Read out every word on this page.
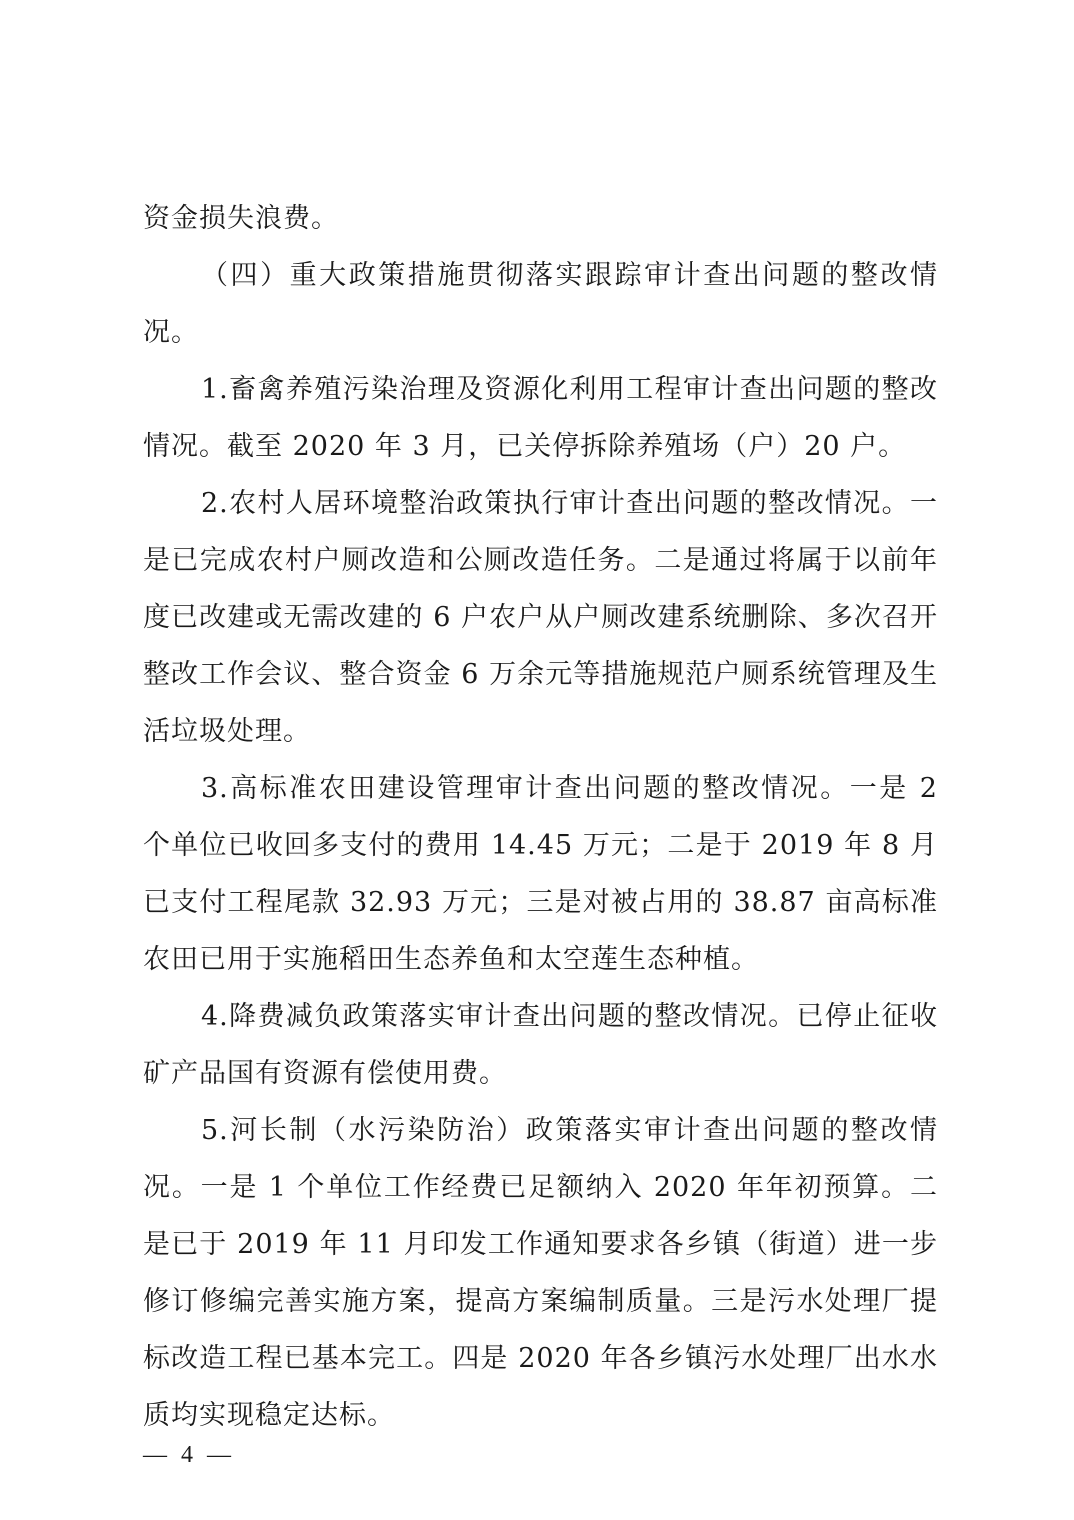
资金损失浪费。

（四）重大政策措施贯彻落实跟踪审计查出问题的整改情况。

1.畜禽养殖污染治理及资源化利用工程审计查出问题的整改情况。截至 2020 年 3 月，已关停拆除养殖场（户）20 户。

2.农村人居环境整治政策执行审计查出问题的整改情况。一是已完成农村户厕改造和公厕改造任务。二是通过将属于以前年度已改建或无需改建的 6 户农户从户厕改建系统删除、多次召开整改工作会议、整合资金 6 万余元等措施规范户厕系统管理及生活垃圾处理。

3.高标准农田建设管理审计查出问题的整改情况。一是 2 个单位已收回多支付的费用 14.45 万元；二是于 2019 年 8 月已支付工程尾款 32.93 万元；三是对被占用的 38.87 亩高标准农田已用于实施稻田生态养鱼和太空莲生态种植。

4.降费减负政策落实审计查出问题的整改情况。已停止征收矿产品国有资源有偿使用费。

5.河长制（水污染防治）政策落实审计查出问题的整改情况。一是 1 个单位工作经费已足额纳入 2020 年年初预算。二是已于 2019 年 11 月印发工作通知要求各乡镇（街道）进一步修订修编完善实施方案，提高方案编制质量。三是污水处理厂提标改造工程已基本完工。四是 2020 年各乡镇污水处理厂出水水质均实现稳定达标。

— 4 —
